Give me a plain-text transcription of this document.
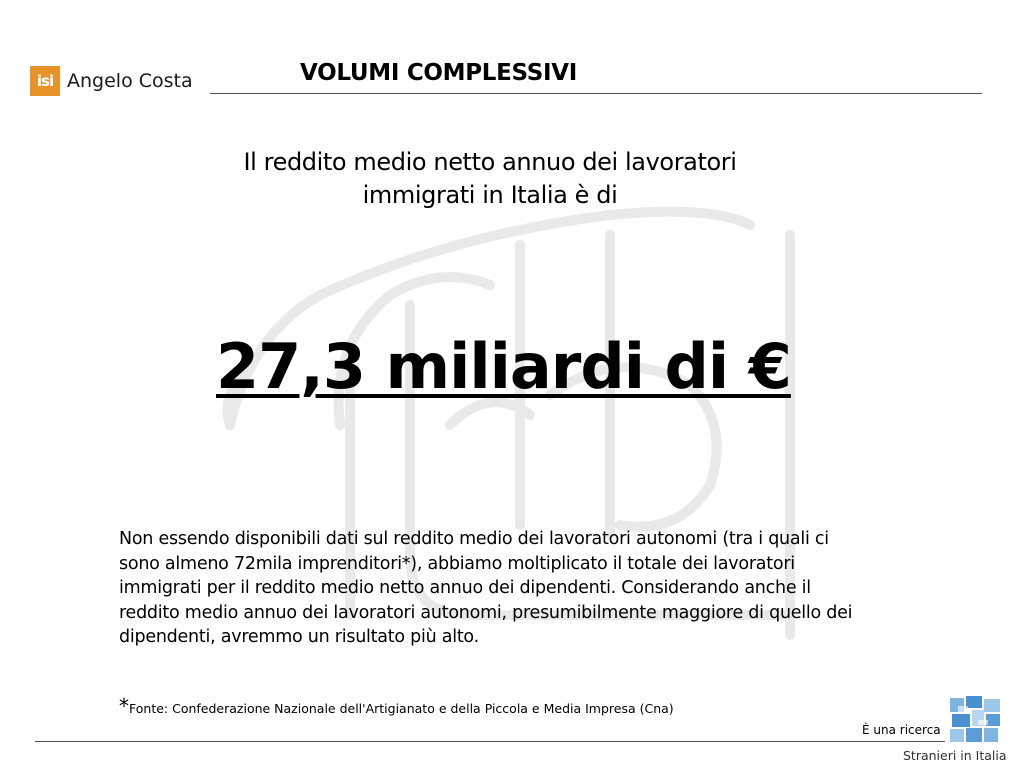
isi Angelo Costa	VOLUMI COMPLESSIVI
Il reddito medio netto annuo dei lavoratori
immigrati in Italia è di
27,3 miliardi di €
Non essendo disponibili dati sul reddito medio dei lavoratori autonomi (tra i quali ci
sono almeno 72mila imprenditori*), abbiamo moltiplicato il totale dei lavoratori
immigrati per il reddito medio netto annuo dei dipendenti. Considerando anche il
reddito medio annuo dei lavoratori autonomi, presumibilmente maggiore di quello dei
dipendenti, avremmo un risultato più alto.
*Fonte: Confederazione Nazionale dell'Artigianato e della Piccola e Media Impresa (Cna)
È una ricerca
Stranieri in Italia
